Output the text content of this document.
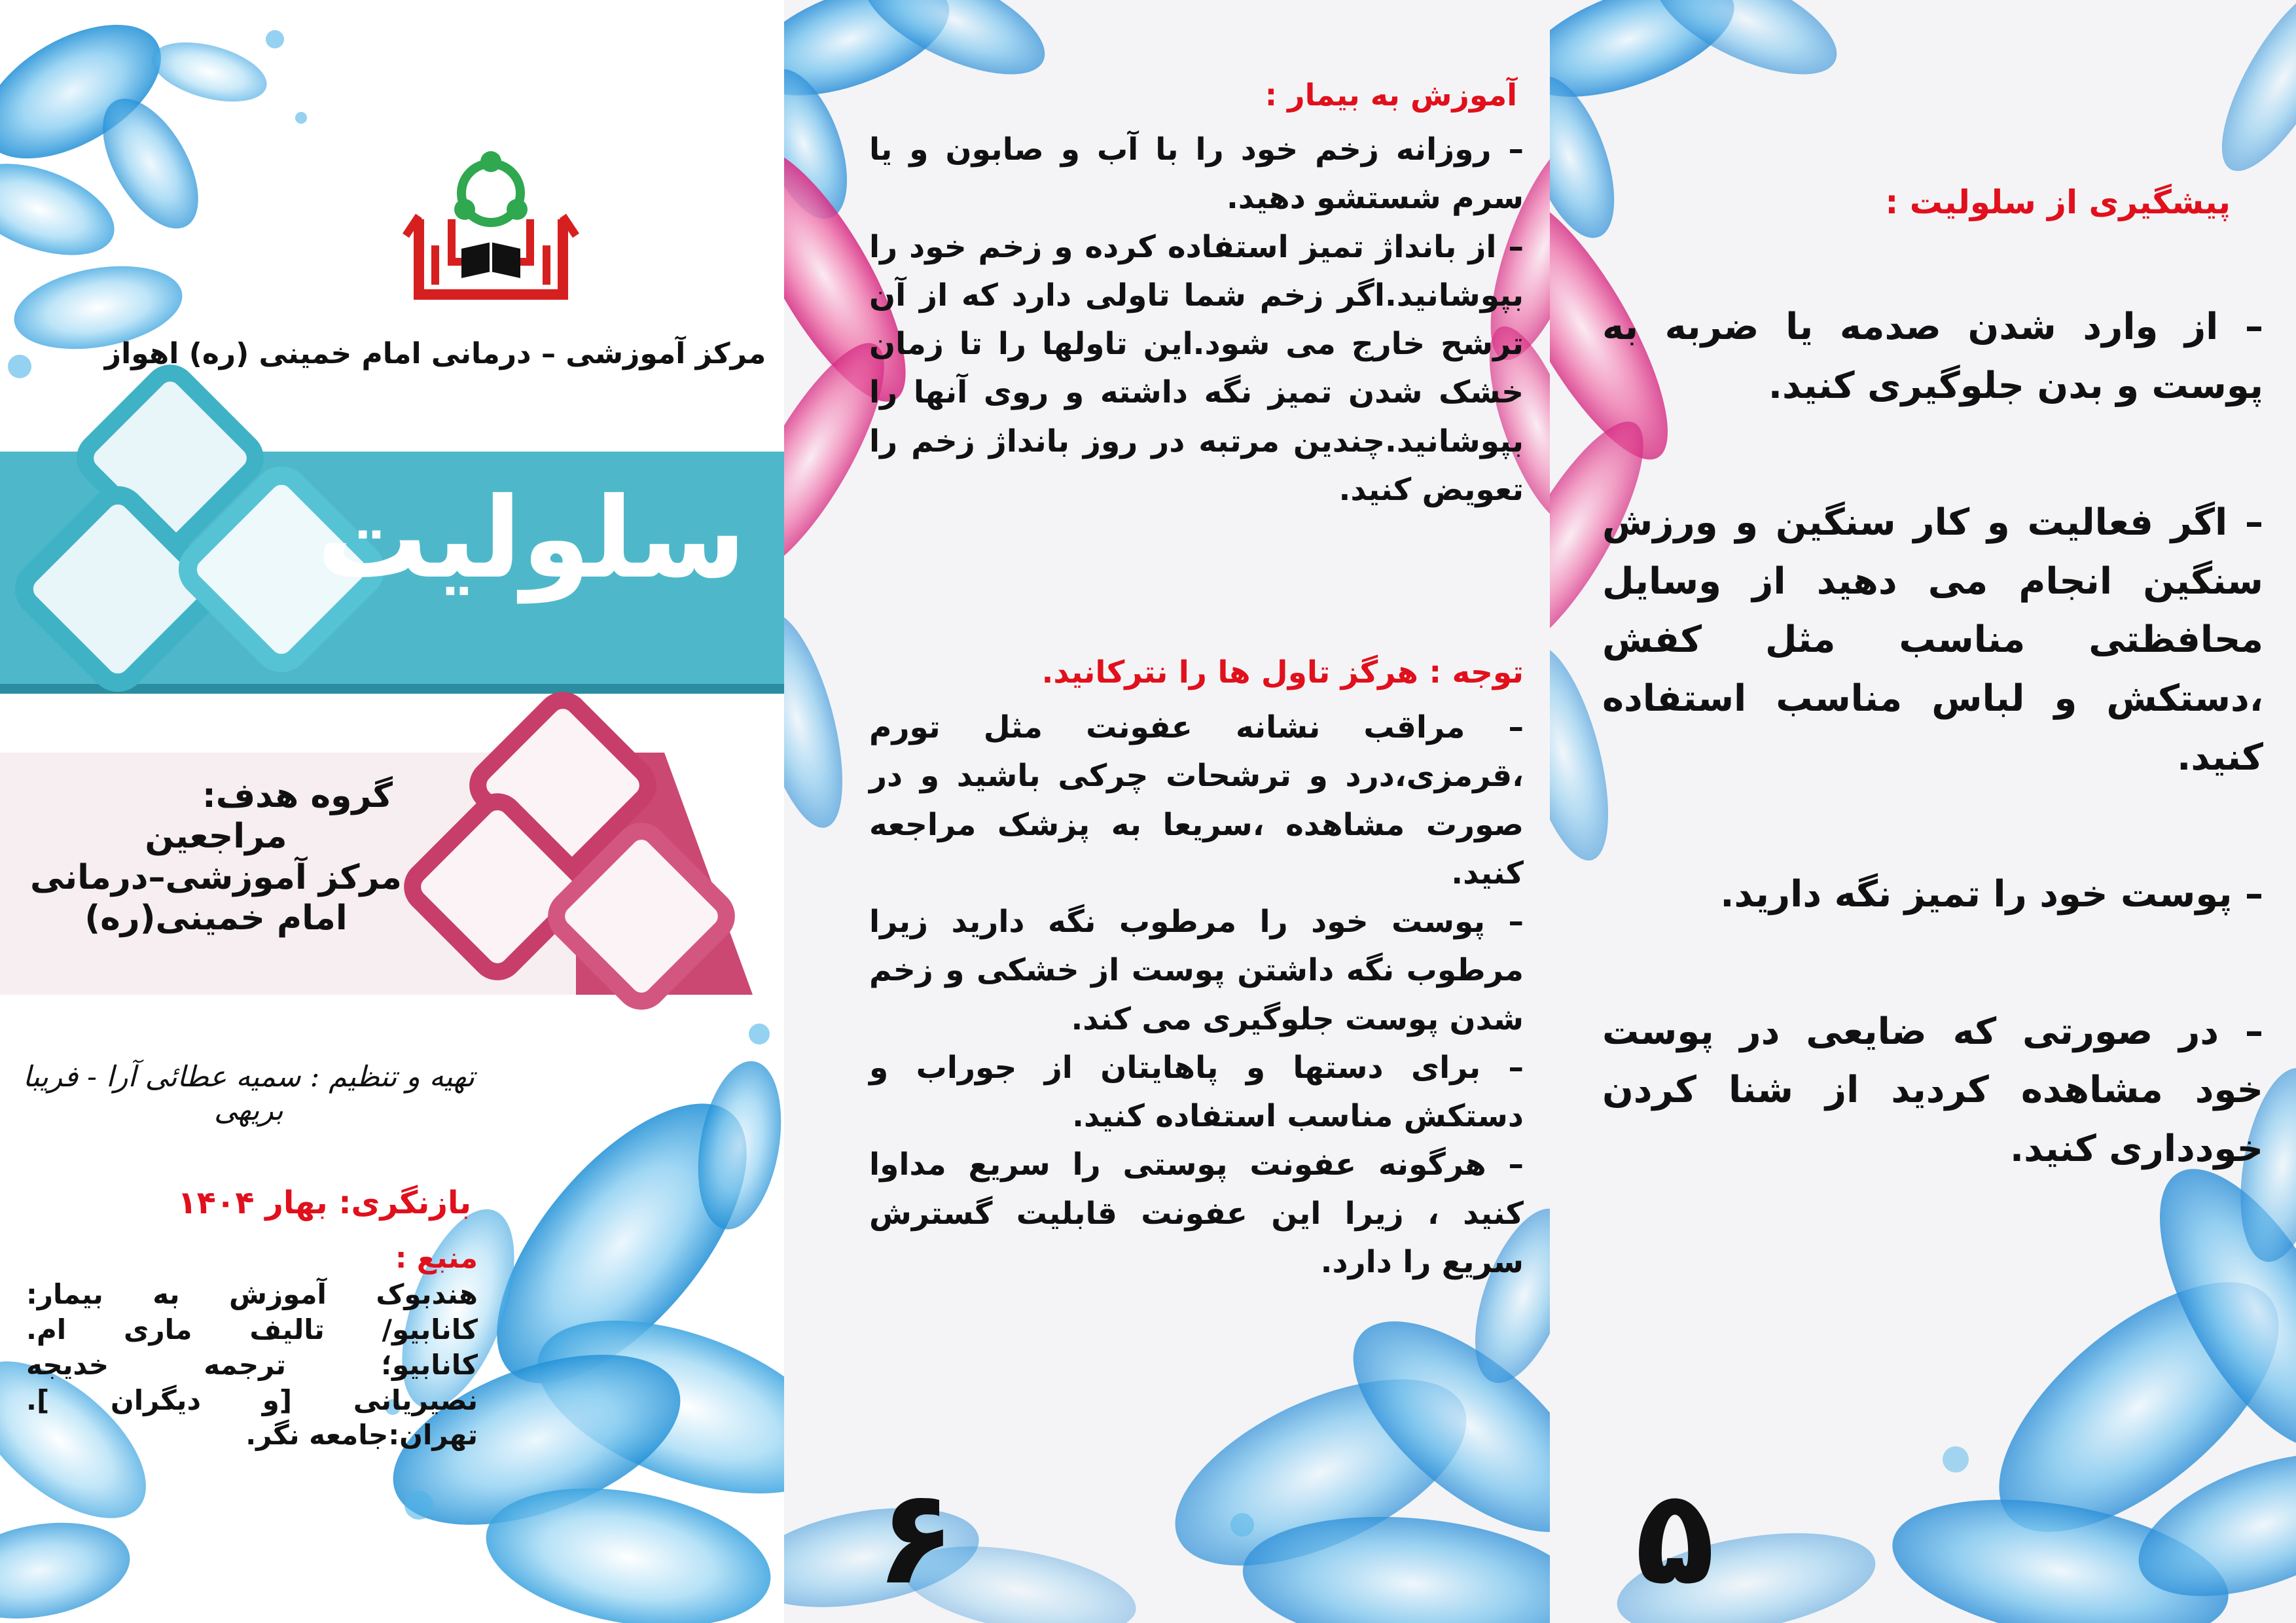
مرکز آموزشی – درمانی امام خمینی (ره) اهواز
سلولیت
گروه هدف:
مراجعین
مرکز آموزشی–درمانی
امام خمینی(ره)
تهیه و تنظیم : سمیه عطائی آرا - فریبا بریهی
بازنگری: بهار ۱۴۰۴
منبع :
هندبوک آموزش به بیمار:
کانابیو/ تالیف ماری ام.
کانابیو؛ ترجمه خدیجه
نصیریانی [و دیگران ].
تهران:جامعه نگر.
آموزش به بیمار :

– روزانه زخم خود را با آب و صابون و یا سرم شستشو دهید.

– از بانداژ تمیز استفاده کرده و زخم خود را بپوشانید.اگر زخم شما تاولی دارد که از آن ترشح خارج می شود.این تاولها را تا زمان خشک شدن تمیز نگه داشته و روی آنها را بپوشانید.چندین مرتبه در روز بانداژ زخم را تعویض کنید.

توجه : هرگز تاول ها را نترکانید.

– مراقب نشانه عفونت مثل تورم ،قرمزی،درد و ترشحات چرکی باشید و در صورت مشاهده ،سریعا به پزشک مراجعه کنید.

– پوست خود را مرطوب نگه دارید زیرا مرطوب نگه داشتن پوست از خشکی و زخم شدن پوست جلوگیری می کند.

– برای دستها و پاهایتان از جوراب و دستکش مناسب استفاده کنید.

– هرگونه عفونت پوستی را سریع مداوا کنید ، زیرا این عفونت قابلیت گسترش سریع را دارد.

۶
پیشگیری از سلولیت :

– از وارد شدن صدمه یا ضربه به پوست و بدن جلوگیری کنید.

– اگر فعالیت و کار سنگین و ورزش سنگین انجام می دهید از وسایل محافظتی مناسب مثل کفش ،دستکش و لباس مناسب استفاده کنید.

– پوست خود را تمیز نگه دارید.

– در صورتی که ضایعی در پوست خود مشاهده کردید از شنا کردن خودداری کنید.

۵
